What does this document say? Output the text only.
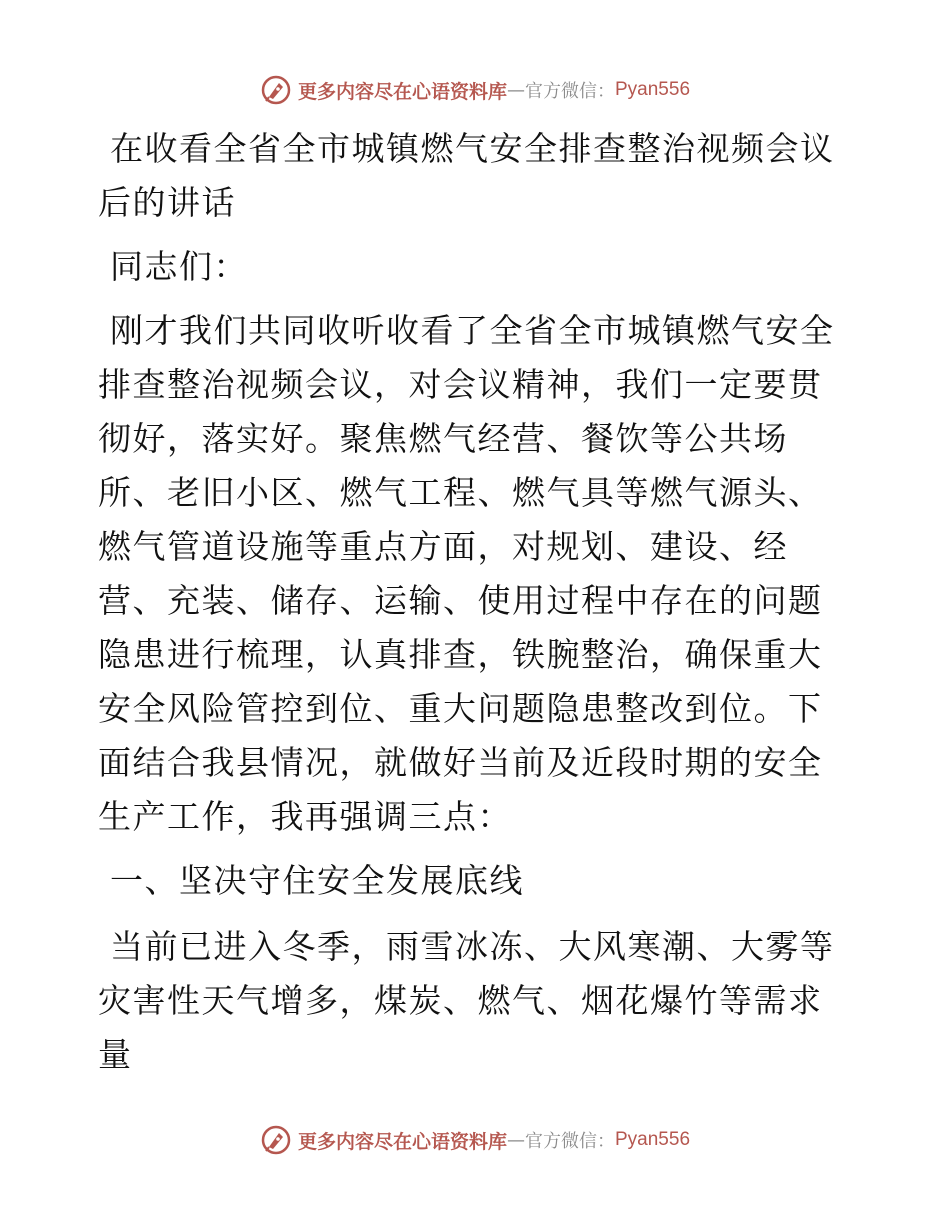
更多内容尽在心语资料库 — 官方微信： Pyan556

在收看全省全市城镇燃气安全排查整治视频会议后的讲话

同志们：

刚才我们共同收听收看了全省全市城镇燃气安全排查整治视频会议，对会议精神，我们一定要贯彻好，落实好。聚焦燃气经营、餐饮等公共场所、老旧小区、燃气工程、燃气具等燃气源头、燃气管道设施等重点方面，对规划、建设、经营、充装、储存、运输、使用过程中存在的问题隐患进行梳理，认真排查，铁腕整治，确保重大安全风险管控到位、重大问题隐患整改到位。下面结合我县情况，就做好当前及近段时期的安全生产工作，我再强调三点：

一、坚决守住安全发展底线

当前已进入冬季，雨雪冰冻、大风寒潮、大雾等灾害性天气增多，煤炭、燃气、烟花爆竹等需求量

更多内容尽在心语资料库 — 官方微信： Pyan556
